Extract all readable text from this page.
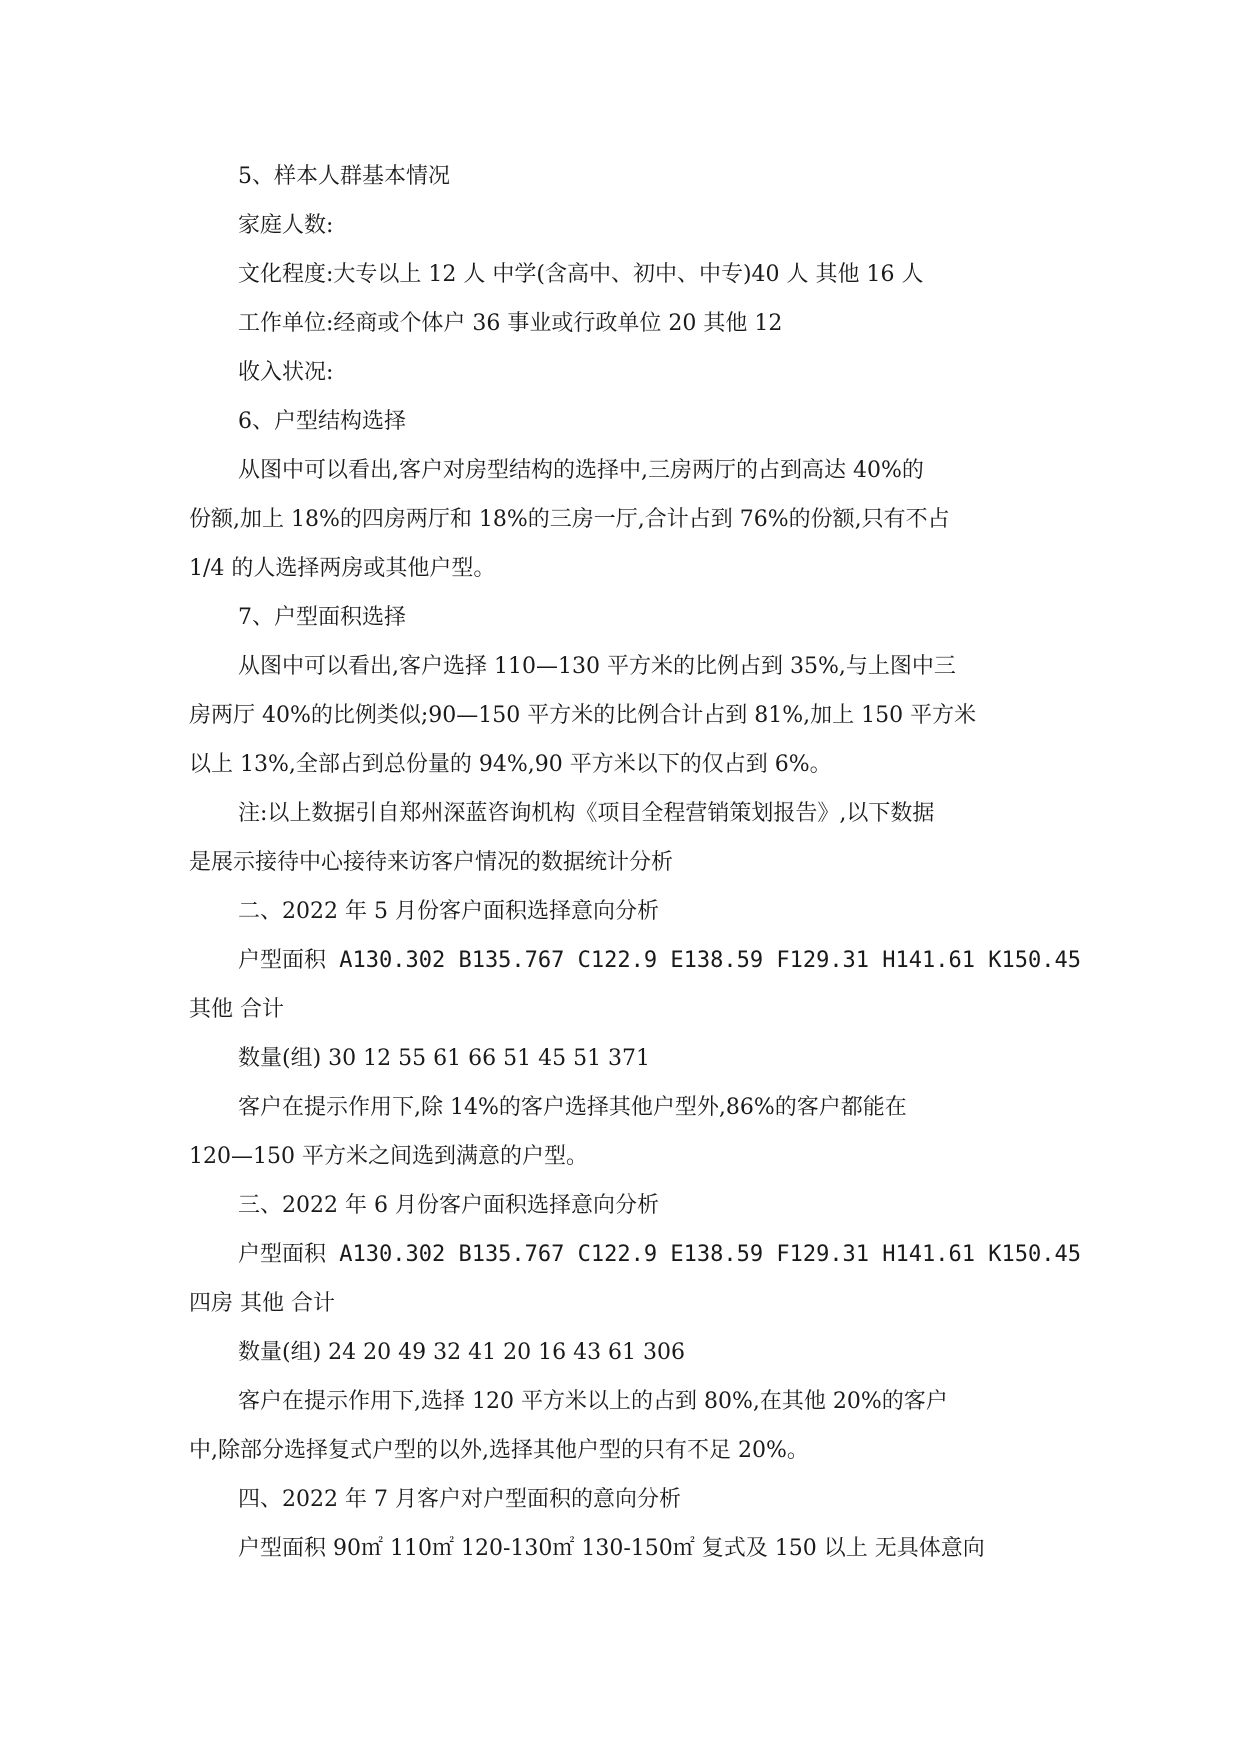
5、样本人群基本情况
家庭人数:
文化程度:大专以上 12 人 中学(含高中、初中、中专)40 人 其他 16 人
工作单位:经商或个体户 36 事业或行政单位 20 其他 12
收入状况:
6、户型结构选择
从图中可以看出,客户对房型结构的选择中,三房两厅的占到高达 40%的
份额,加上 18%的四房两厅和 18%的三房一厅,合计占到 76%的份额,只有不占
1/4 的人选择两房或其他户型。
7、户型面积选择
从图中可以看出,客户选择 110—130 平方米的比例占到 35%,与上图中三
房两厅 40%的比例类似;90—150 平方米的比例合计占到 81%,加上 150 平方米
以上 13%,全部占到总份量的 94%,90 平方米以下的仅占到 6%。
注:以上数据引自郑州深蓝咨询机构《项目全程营销策划报告》,以下数据
是展示接待中心接待来访客户情况的数据统计分析
二、2022 年 5 月份客户面积选择意向分析
户型面积 A130.302 B135.767 C122.9 E138.59 F129.31 H141.61 K150.45
其他 合计
数量(组) 30 12 55 61 66 51 45 51 371
客户在提示作用下,除 14%的客户选择其他户型外,86%的客户都能在
120—150 平方米之间选到满意的户型。
三、2022 年 6 月份客户面积选择意向分析
户型面积 A130.302 B135.767 C122.9 E138.59 F129.31 H141.61 K150.45
四房 其他 合计
数量(组) 24 20 49 32 41 20 16 43 61 306
客户在提示作用下,选择 120 平方米以上的占到 80%,在其他 20%的客户
中,除部分选择复式户型的以外,选择其他户型的只有不足 20%。
四、2022 年 7 月客户对户型面积的意向分析
户型面积 90㎡ 110㎡ 120-130㎡ 130-150㎡ 复式及 150 以上 无具体意向
